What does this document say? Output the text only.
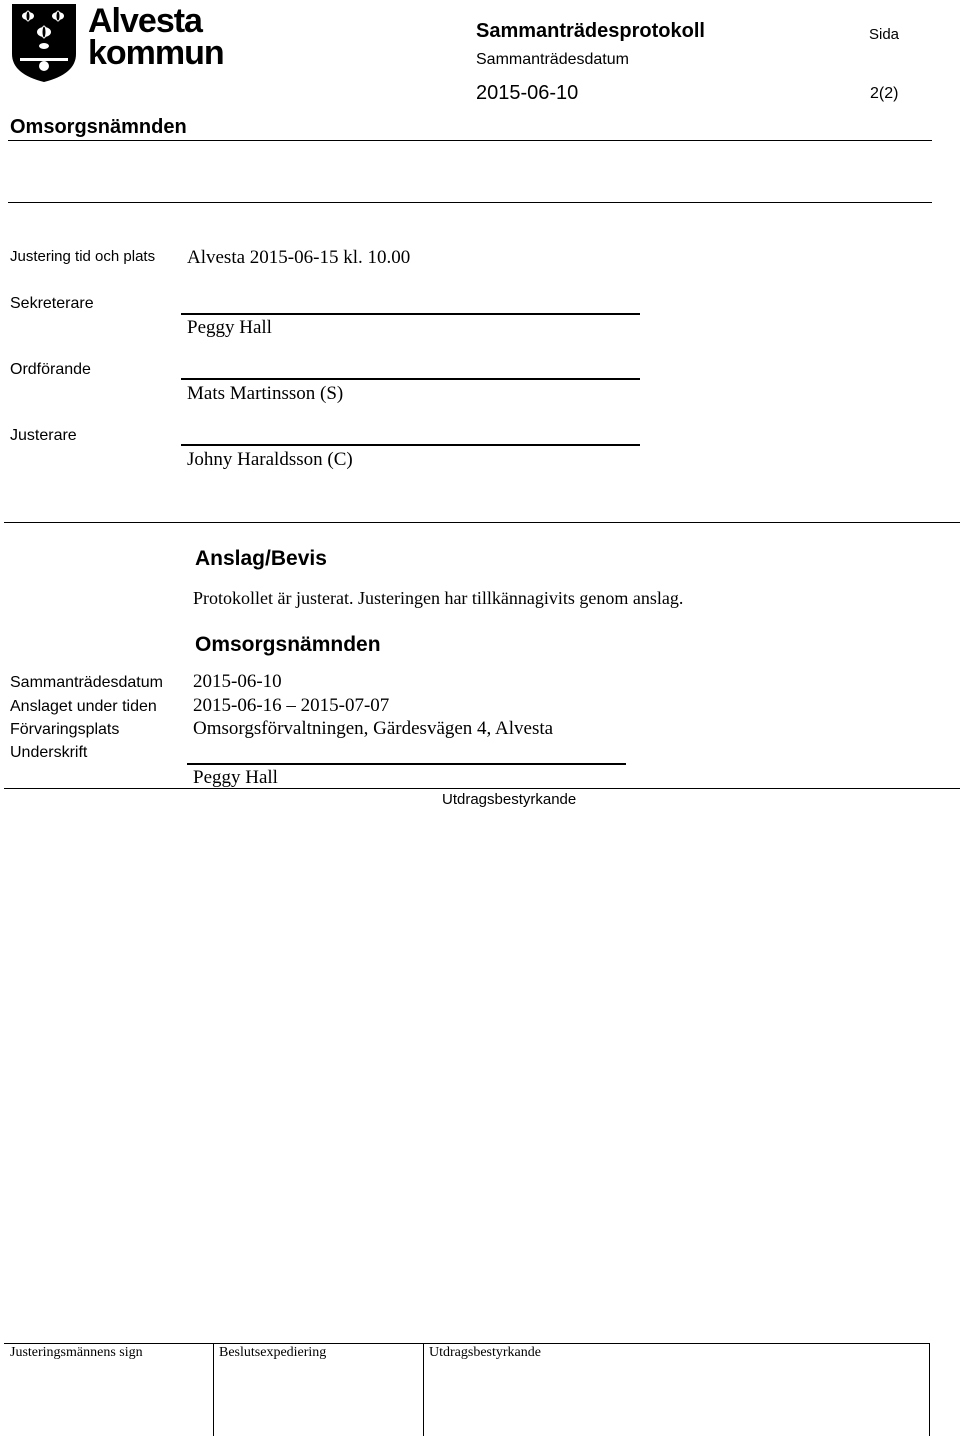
Alvesta
kommun
Sammanträdesprotokoll	Sida
Sammanträdesdatum
2015-06-10	2(2)
Omsorgsnämnden
Justering tid och plats Alvesta 2015-06-15 kl. 10.00
Sekreterare
Peggy Hall
Ordförande
Mats Martinsson (S)
Justerare
Johny Haraldsson (C)
Anslag/Bevis
Protokollet är justerat. Justeringen har tillkännagivits genom anslag.
Omsorgsnämnden
Sammanträdesdatum 2015-06-10
Anslaget under tiden 2015-06-16 – 2015-07-07
Förvaringsplats	Omsorgsförvaltningen, Gärdesvägen 4, Alvesta
Underskrift
Peggy Hall
Utdragsbestyrkande
Justeringsmännens sign	Beslutsexpediering	Utdragsbestyrkande
